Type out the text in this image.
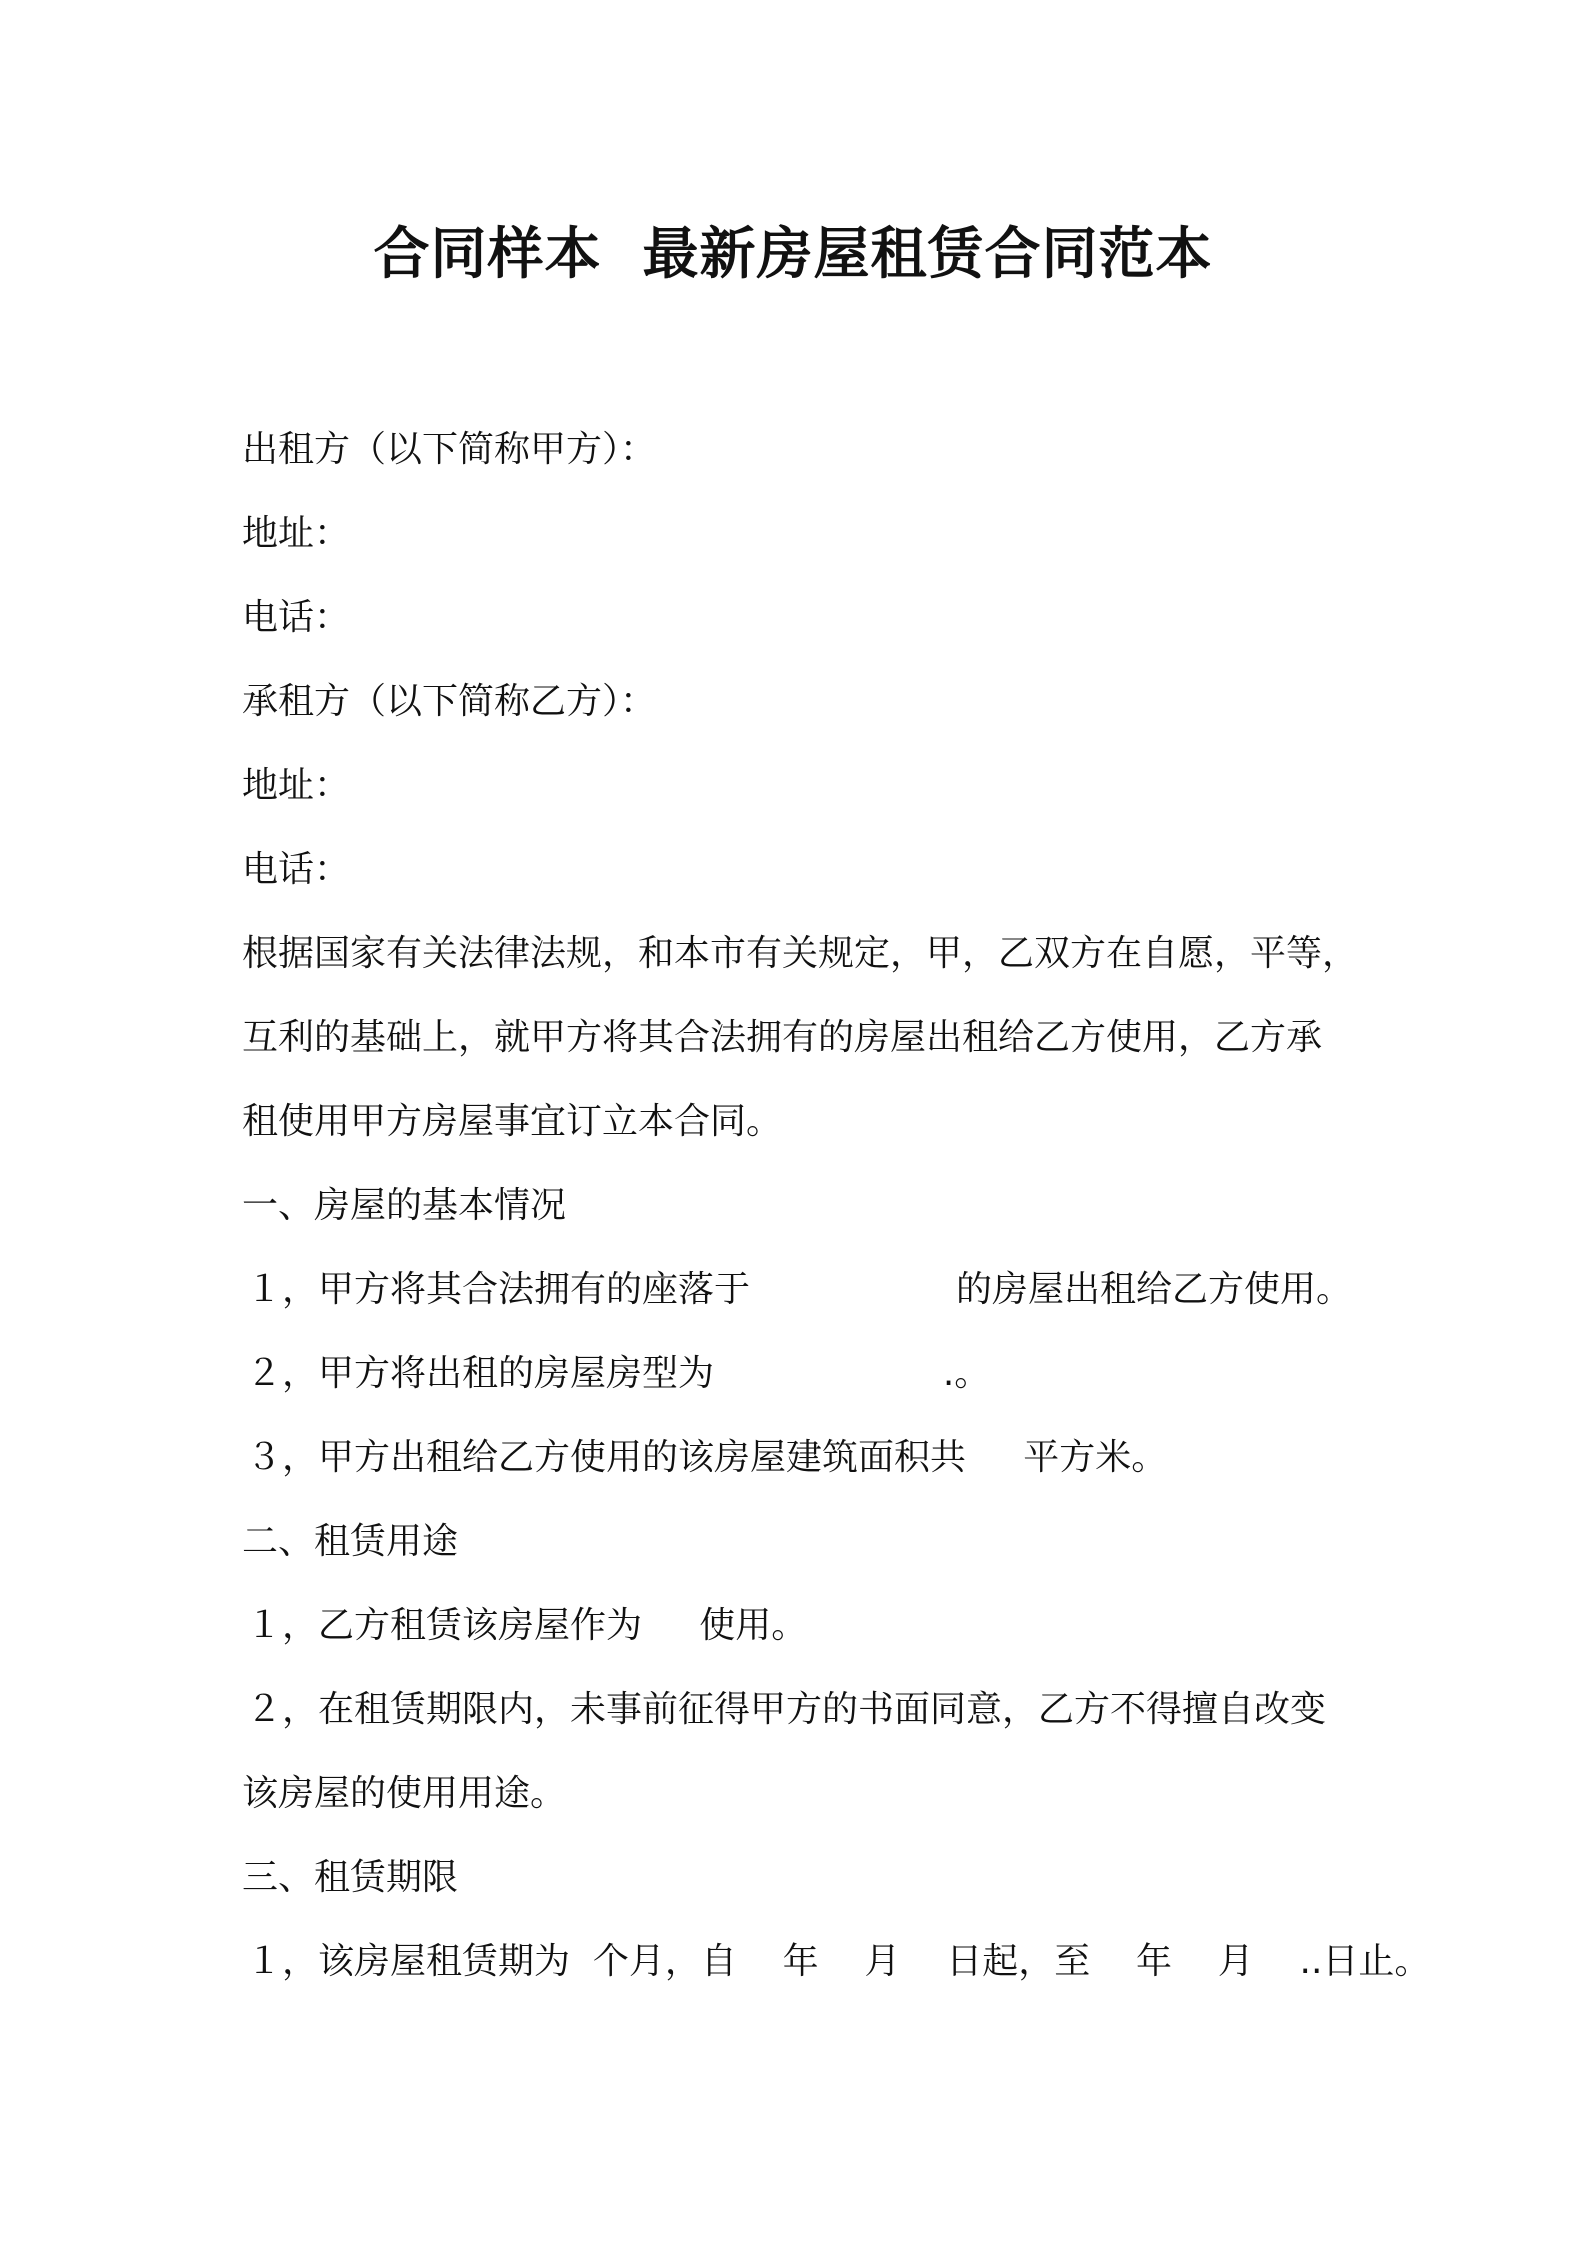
合同样本  最新房屋租赁合同范本
出租方（以下简称甲方）：
地址：
电话：
承租方（以下简称乙方）：
地址：
电话：
根据国家有关法律法规，和本市有关规定，甲，乙双方在自愿，平等，
互利的基础上，就甲方将其合法拥有的房屋出租给乙方使用，乙方承
租使用甲方房屋事宜订立本合同。
一、房屋的基本情况
１，甲方将其合法拥有的座落于                  的房屋出租给乙方使用。
２，甲方将出租的房屋房型为                    .。
３，甲方出租给乙方使用的该房屋建筑面积共     平方米。
二、租赁用途
１，乙方租赁该房屋作为     使用。
２，在租赁期限内，未事前征得甲方的书面同意，乙方不得擅自改变
该房屋的使用用途。
三、租赁期限
１，该房屋租赁期为  个月，自    年    月    日起，至    年    月    ..日止。
